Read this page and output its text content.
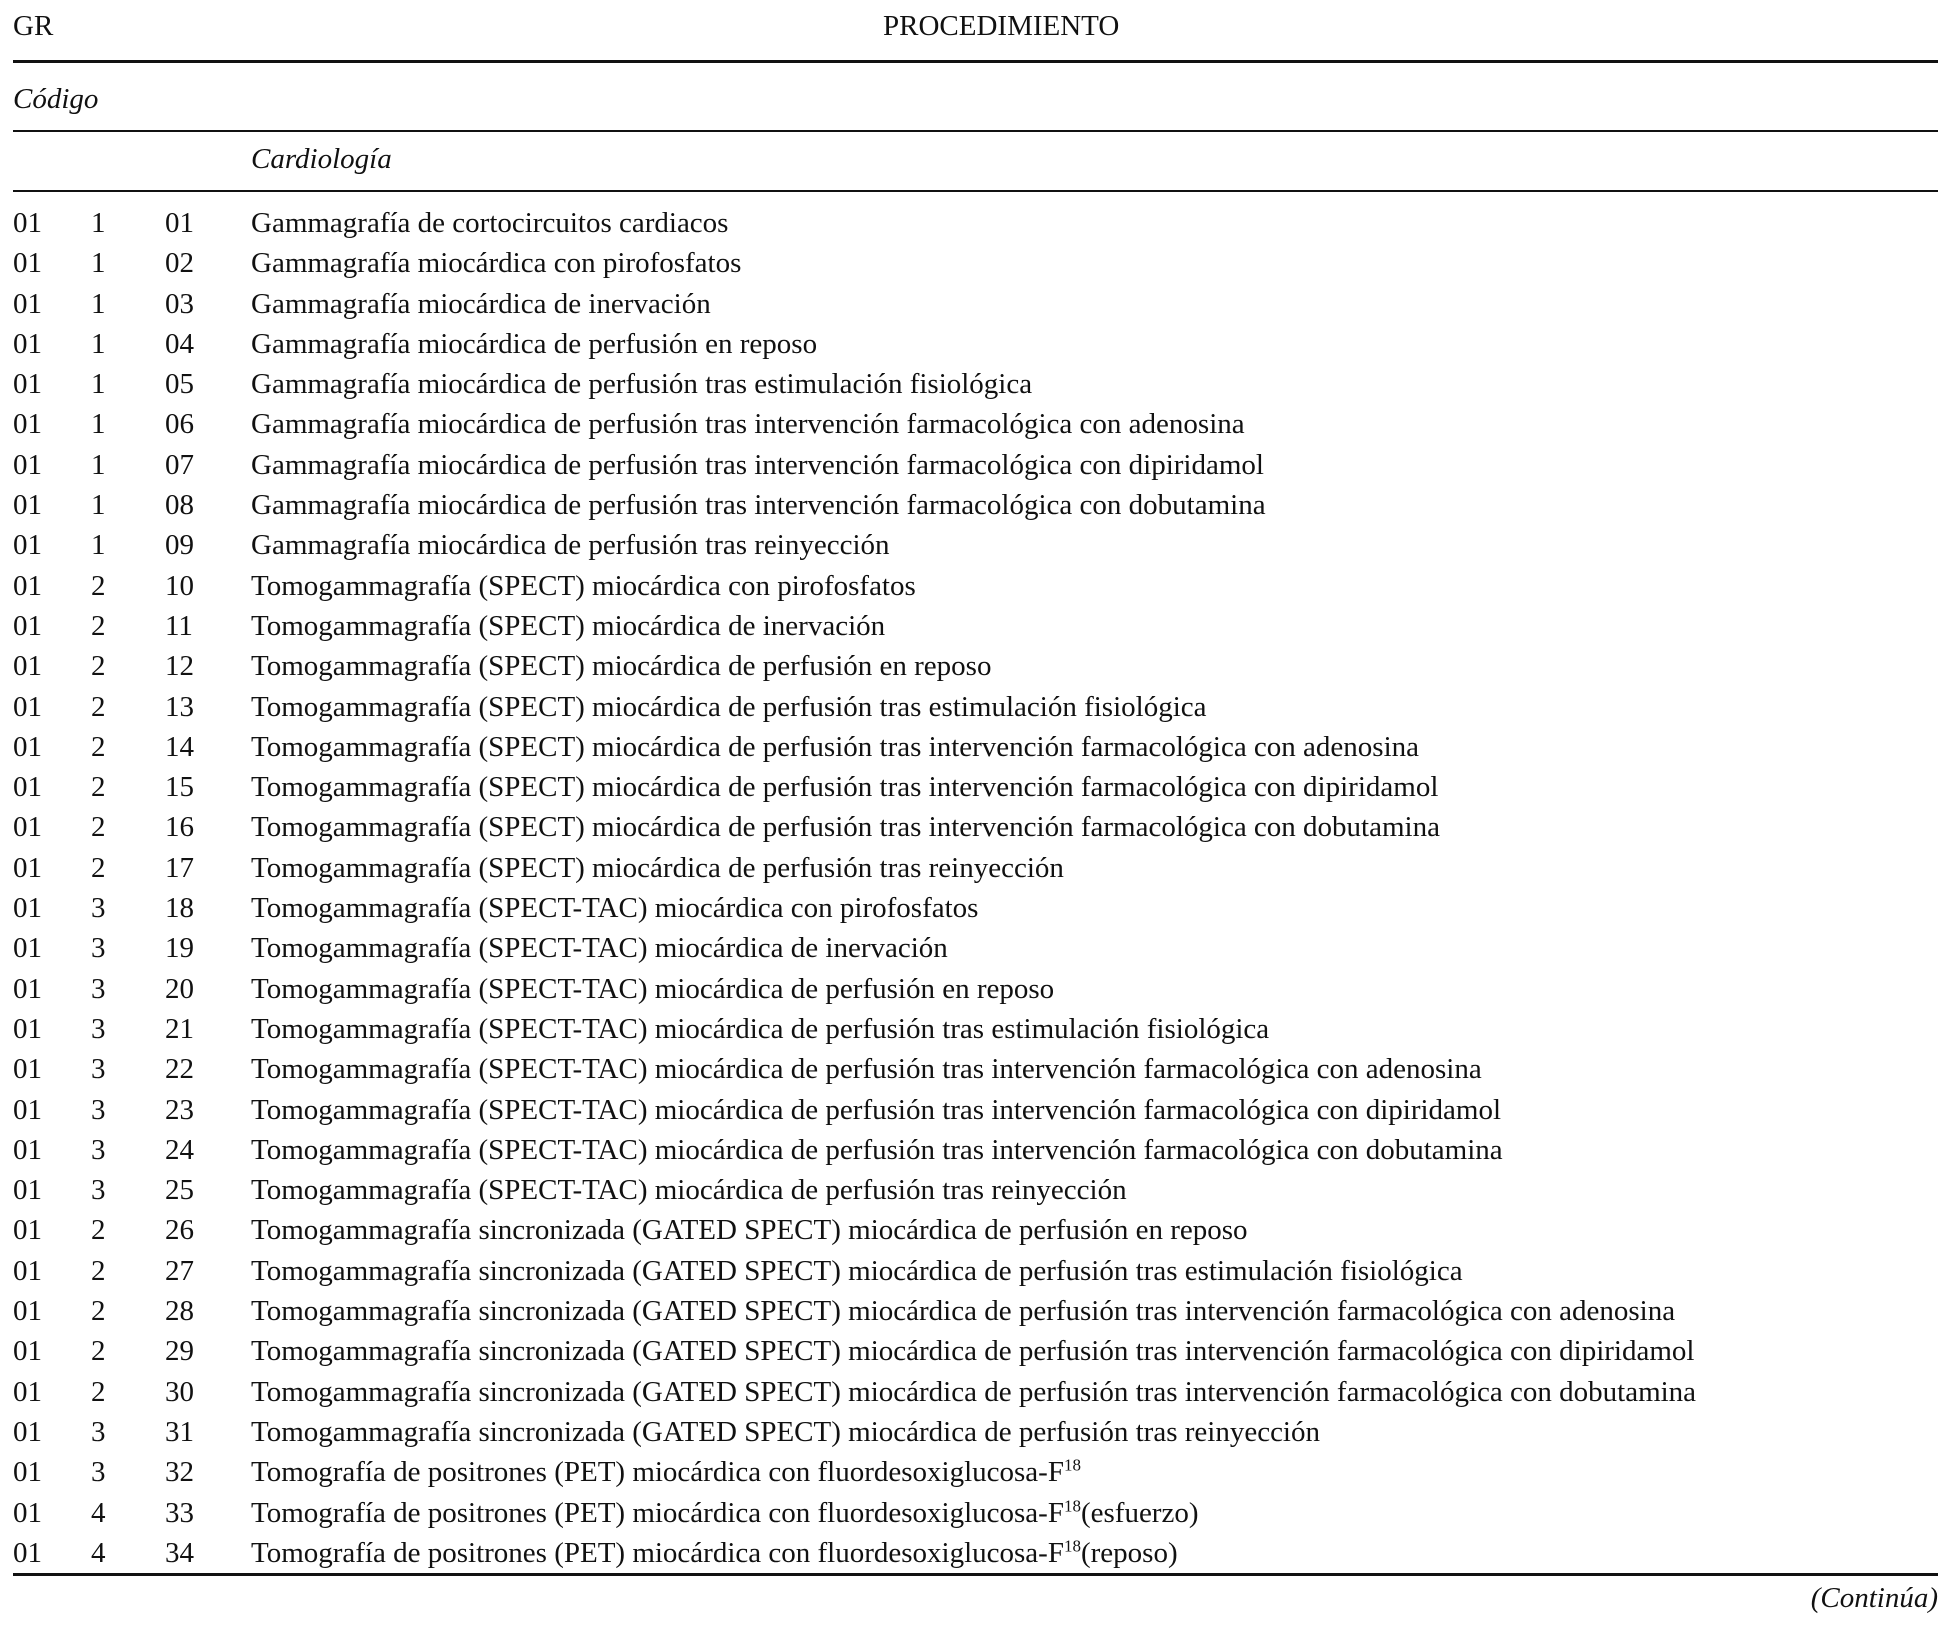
GR	PROCEDIMIENTO
Código
Cardiología
01 1 01 Gammagrafía de cortocircuitos cardiacos
01 1 02 Gammagrafía miocárdica con pirofosfatos
01 1 03 Gammagrafía miocárdica de inervación
01 1 04 Gammagrafía miocárdica de perfusión en reposo
01 1 05 Gammagrafía miocárdica de perfusión tras estimulación fisiológica
01 1 06 Gammagrafía miocárdica de perfusión tras intervención farmacológica con adenosina
01 1 07 Gammagrafía miocárdica de perfusión tras intervención farmacológica con dipiridamol
01 1 08 Gammagrafía miocárdica de perfusión tras intervención farmacológica con dobutamina
01 1 09 Gammagrafía miocárdica de perfusión tras reinyección
01 2 10 Tomogammagrafía (SPECT) miocárdica con pirofosfatos
01 2 11 Tomogammagrafía (SPECT) miocárdica de inervación
01 2 12 Tomogammagrafía (SPECT) miocárdica de perfusión en reposo
01 2 13 Tomogammagrafía (SPECT) miocárdica de perfusión tras estimulación fisiológica
01 2 14 Tomogammagrafía (SPECT) miocárdica de perfusión tras intervención farmacológica con adenosina
01 2 15 Tomogammagrafía (SPECT) miocárdica de perfusión tras intervención farmacológica con dipiridamol
01 2 16 Tomogammagrafía (SPECT) miocárdica de perfusión tras intervención farmacológica con dobutamina
01 2 17 Tomogammagrafía (SPECT) miocárdica de perfusión tras reinyección
01 3 18 Tomogammagrafía (SPECT-TAC) miocárdica con pirofosfatos
01 3 19 Tomogammagrafía (SPECT-TAC) miocárdica de inervación
01 3 20 Tomogammagrafía (SPECT-TAC) miocárdica de perfusión en reposo
01 3 21 Tomogammagrafía (SPECT-TAC) miocárdica de perfusión tras estimulación fisiológica
01 3 22 Tomogammagrafía (SPECT-TAC) miocárdica de perfusión tras intervención farmacológica con adenosina
01 3 23 Tomogammagrafía (SPECT-TAC) miocárdica de perfusión tras intervención farmacológica con dipiridamol
01 3 24 Tomogammagrafía (SPECT-TAC) miocárdica de perfusión tras intervención farmacológica con dobutamina
01 3 25 Tomogammagrafía (SPECT-TAC) miocárdica de perfusión tras reinyección
01 2 26 Tomogammagrafía sincronizada (GATED SPECT) miocárdica de perfusión en reposo
01 2 27 Tomogammagrafía sincronizada (GATED SPECT) miocárdica de perfusión tras estimulación fisiológica
01 2 28 Tomogammagrafía sincronizada (GATED SPECT) miocárdica de perfusión tras intervención farmacológica con adenosina
01 2 29 Tomogammagrafía sincronizada (GATED SPECT) miocárdica de perfusión tras intervención farmacológica con dipiridamol
01 2 30 Tomogammagrafía sincronizada (GATED SPECT) miocárdica de perfusión tras intervención farmacológica con dobutamina
01 3 31 Tomogammagrafía sincronizada (GATED SPECT) miocárdica de perfusión tras reinyección
01 3 32 Tomografía de positrones (PET) miocárdica con fluordesoxiglucosa-$F^{18}$
01 4 33 Tomografía de positrones (PET) miocárdica con fluordesoxiglucosa-$F^{18}(esfuerzo)$
01 4 34 Tomografía de positrones (PET) miocárdica con fluordesoxiglucosa-$F^{18}(reposo)$
(Continúa)
